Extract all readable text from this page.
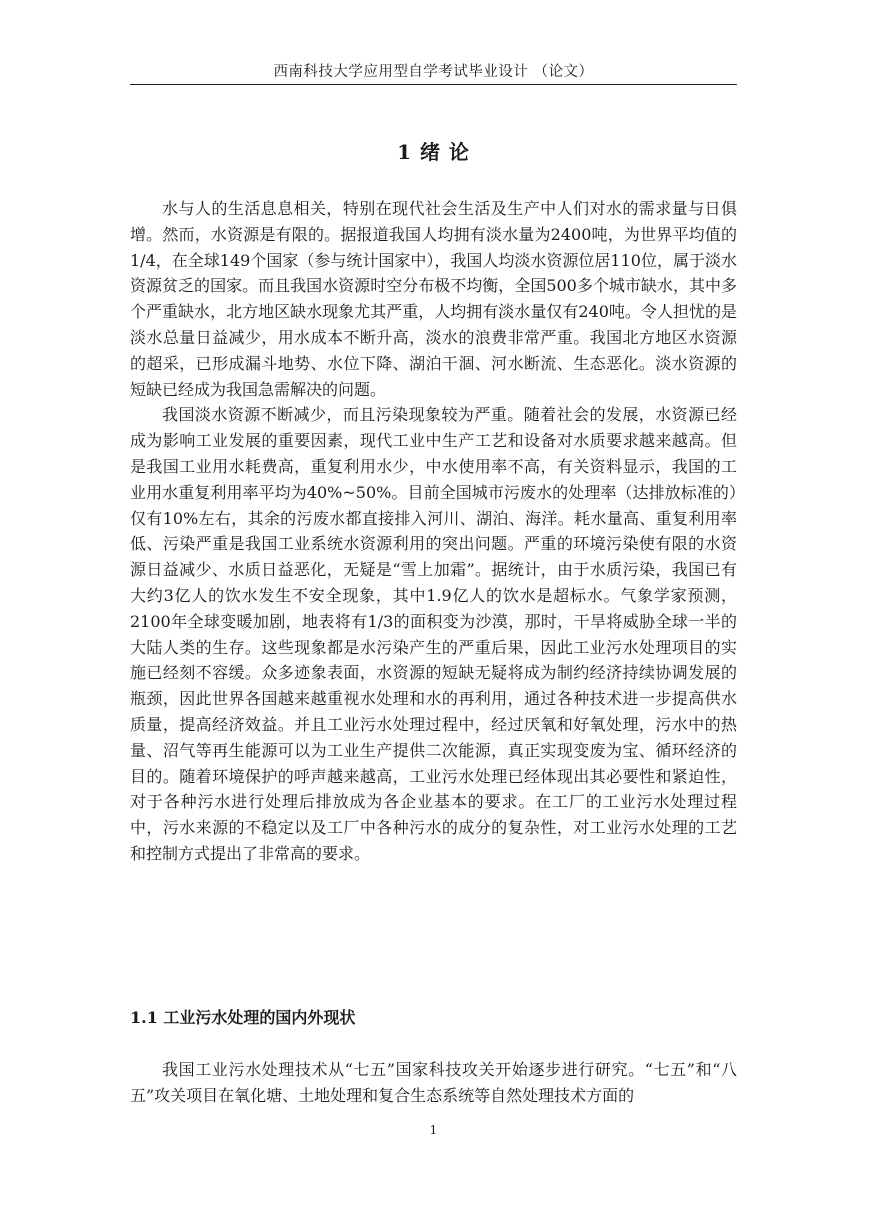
西南科技大学应用型自学考试毕业设计 （论文）
1 绪 论

水与人的生活息息相关，特别在现代社会生活及生产中人们对水的需求量与日俱增。然而，水资源是有限的。据报道我国人均拥有淡水量为2400吨，为世界平均值的1/4，在全球149个国家（参与统计国家中），我国人均淡水资源位居110位，属于淡水资源贫乏的国家。而且我国水资源时空分布极不均衡，全国500多个城市缺水，其中多个严重缺水，北方地区缺水现象尤其严重，人均拥有淡水量仅有240吨。令人担忧的是淡水总量日益减少，用水成本不断升高，淡水的浪费非常严重。我国北方地区水资源的超采，已形成漏斗地势、水位下降、湖泊干涸、河水断流、生态恶化。淡水资源的短缺已经成为我国急需解决的问题。

我国淡水资源不断减少，而且污染现象较为严重。随着社会的发展，水资源已经成为影响工业发展的重要因素，现代工业中生产工艺和设备对水质要求越来越高。但是我国工业用水耗费高，重复利用水少，中水使用率不高，有关资料显示，我国的工业用水重复利用率平均为40%~50%。目前全国城市污废水的处理率（达排放标准的）仅有10%左右，其余的污废水都直接排入河川、湖泊、海洋。耗水量高、重复利用率低、污染严重是我国工业系统水资源利用的突出问题。严重的环境污染使有限的水资源日益减少、水质日益恶化，无疑是“雪上加霜”。据统计，由于水质污染，我国已有大约3亿人的饮水发生不安全现象，其中1.9亿人的饮水是超标水。气象学家预测，2100年全球变暖加剧，地表将有1/3的面积变为沙漠，那时，干旱将威胁全球一半的大陆人类的生存。这些现象都是水污染产生的严重后果，因此工业污水处理项目的实施已经刻不容缓。众多迹象表面，水资源的短缺无疑将成为制约经济持续协调发展的瓶颈，因此世界各国越来越重视水处理和水的再利用，通过各种技术进一步提高供水质量，提高经济效益。并且工业污水处理过程中，经过厌氧和好氧处理，污水中的热量、沼气等再生能源可以为工业生产提供二次能源，真正实现变废为宝、循环经济的目的。随着环境保护的呼声越来越高，工业污水处理已经体现出其必要性和紧迫性，对于各种污水进行处理后排放成为各企业基本的要求。在工厂的工业污水处理过程中，污水来源的不稳定以及工厂中各种污水的成分的复杂性，对工业污水处理的工艺和控制方式提出了非常高的要求。

1.1 工业污水处理的国内外现状

我国工业污水处理技术从“七五”国家科技攻关开始逐步进行研究。“七五”和“八五”攻关项目在氧化塘、土地处理和复合生态系统等自然处理技术方面的

1
